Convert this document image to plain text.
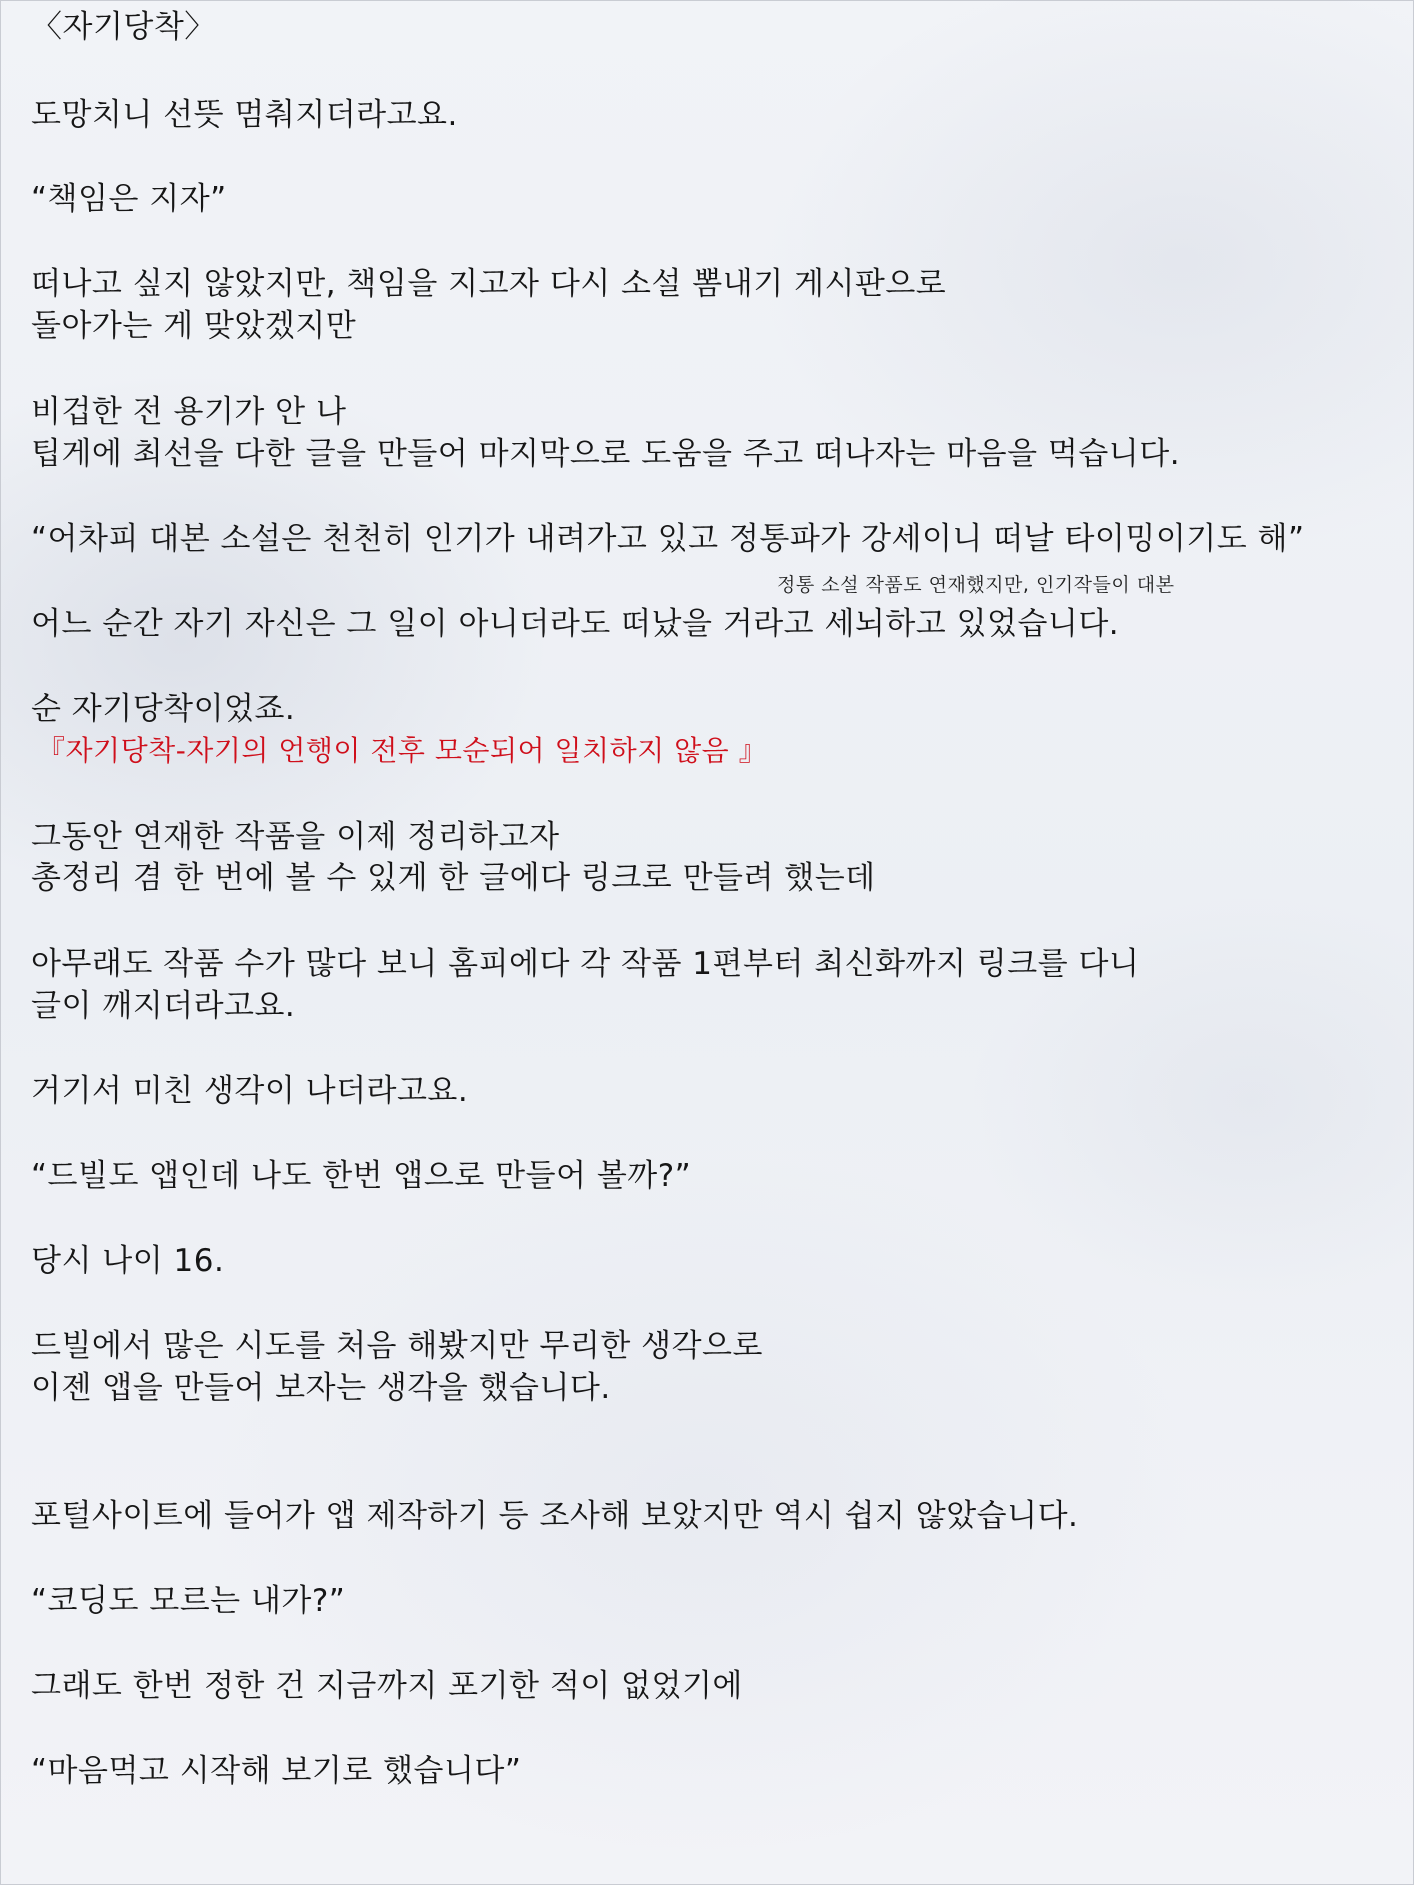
〈자기당착〉

도망치니 선뜻 멈춰지더라고요.

“책임은 지자”

떠나고 싶지 않았지만, 책임을 지고자 다시 소설 뽐내기 게시판으로

돌아가는 게 맞았겠지만

비겁한 전 용기가 안 나

팁게에 최선을 다한 글을 만들어 마지막으로 도움을 주고 떠나자는 마음을 먹습니다.

“어차피 대본 소설은 천천히 인기가 내려가고 있고 정통파가 강세이니 떠날 타이밍이기도 해”

정통 소설 작품도 연재했지만, 인기작들이 대본

어느 순간 자기 자신은 그 일이 아니더라도 떠났을 거라고 세뇌하고 있었습니다.

순 자기당착이었죠.

『자기당착-자기의 언행이 전후 모순되어 일치하지 않음 』

그동안 연재한 작품을 이제 정리하고자

총정리 겸 한 번에 볼 수 있게 한 글에다 링크로 만들려 했는데

아무래도 작품 수가 많다 보니 홈피에다 각 작품 1편부터 최신화까지 링크를 다니

글이 깨지더라고요.

거기서 미친 생각이 나더라고요.

“드빌도 앱인데 나도 한번 앱으로 만들어 볼까?”

당시 나이 16.

드빌에서 많은 시도를 처음 해봤지만 무리한 생각으로

이젠 앱을 만들어 보자는 생각을 했습니다.

포털사이트에 들어가 앱 제작하기 등 조사해 보았지만 역시 쉽지 않았습니다.

“코딩도 모르는 내가?”

그래도 한번 정한 건 지금까지 포기한 적이 없었기에

“마음먹고 시작해 보기로 했습니다”
